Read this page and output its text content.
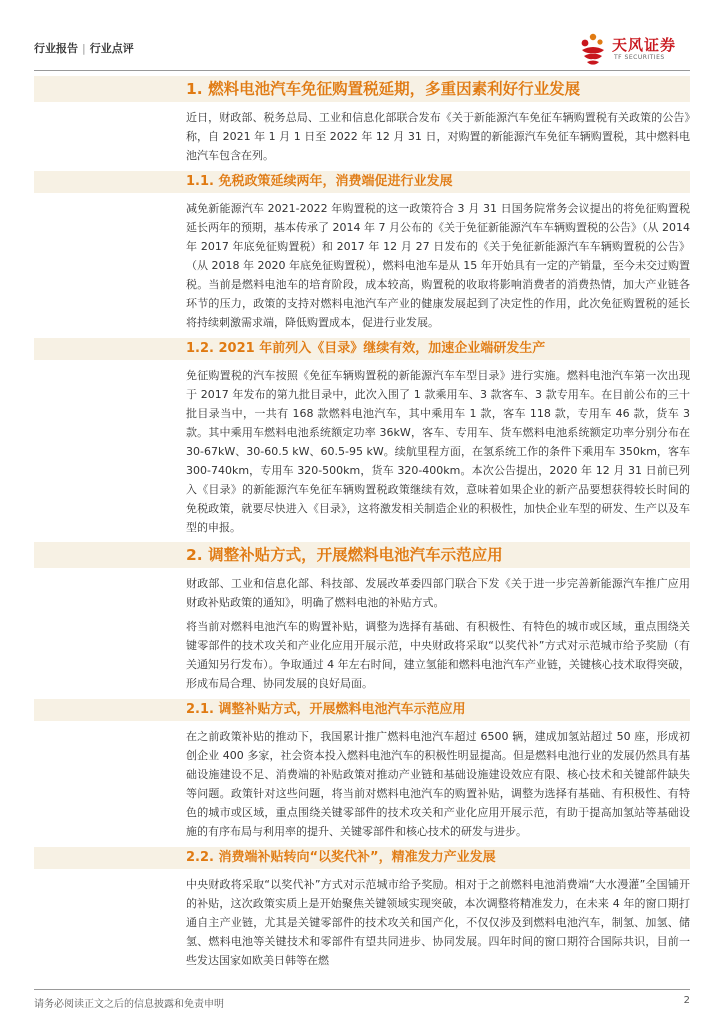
行业报告 | 行业点评	天风证券
TF SECURITIES
1. 燃料电池汽车免征购置税延期，多重因素利好行业发展

近日，财政部、税务总局、工业和信息化部联合发布《关于新能源汽车免征车辆购置税有关政策的公告》称，自 2021 年 1 月 1 日至 2022 年 12 月 31 日，对购置的新能源汽车免征车辆购置税，其中燃料电池汽车包含在列。

1.1. 免税政策延续两年，消费端促进行业发展

减免新能源汽车 2021-2022 年购置税的这一政策符合 3 月 31 日国务院常务会议提出的将免征购置税延长两年的预期，基本传承了 2014 年 7 月公布的《关于免征新能源汽车车辆购置税的公告》（从 2014 年 2017 年底免征购置税）和 2017 年 12 月 27 日发布的《关于免征新能源汽车车辆购置税的公告》（从 2018 年 2020 年底免征购置税），燃料电池车是从 15 年开始具有一定的产销量，至今未交过购置税。当前是燃料电池车的培育阶段，成本较高，购置税的收取将影响消费者的消费热情，加大产业链各环节的压力，政策的支持对燃料电池汽车产业的健康发展起到了决定性的作用，此次免征购置税的延长将持续刺激需求端，降低购置成本，促进行业发展。

1.2. 2021 年前列入《目录》继续有效，加速企业端研发生产

免征购置税的汽车按照《免征车辆购置税的新能源汽车车型目录》进行实施。燃料电池汽车第一次出现于 2017 年发布的第九批目录中，此次入围了 1 款乘用车、3 款客车、3 款专用车。在目前公布的三十批目录当中，一共有 168 款燃料电池汽车，其中乘用车 1 款，客车 118 款，专用车 46 款，货车 3 款。其中乘用车燃料电池系统额定功率 36kW，客车、专用车、货车燃料电池系统额定功率分别分布在 30-67kW、30-60.5 kW、60.5-95 kW。续航里程方面，在氢系统工作的条件下乘用车 350km，客车 300-740km，专用车 320-500km，货车 320-400km。本次公告提出，2020 年 12 月 31 日前已列入《目录》的新能源汽车免征车辆购置税政策继续有效，意味着如果企业的新产品要想获得较长时间的免税政策，就要尽快进入《目录》，这将激发相关制造企业的积极性，加快企业车型的研发、生产以及车型的申报。

2. 调整补贴方式，开展燃料电池汽车示范应用

财政部、工业和信息化部、科技部、发展改革委四部门联合下发《关于进一步完善新能源汽车推广应用财政补贴政策的通知》，明确了燃料电池的补贴方式。

将当前对燃料电池汽车的购置补贴，调整为选择有基础、有积极性、有特色的城市或区域，重点围绕关键零部件的技术攻关和产业化应用开展示范，中央财政将采取“以奖代补”方式对示范城市给予奖励（有关通知另行发布）。争取通过 4 年左右时间，建立氢能和燃料电池汽车产业链，关键核心技术取得突破，形成布局合理、协同发展的良好局面。

2.1. 调整补贴方式，开展燃料电池汽车示范应用

在之前政策补贴的推动下，我国累计推广燃料电池汽车超过 6500 辆，建成加氢站超过 50 座，形成初创企业 400 多家，社会资本投入燃料电池汽车的积极性明显提高。但是燃料电池行业的发展仍然具有基础设施建设不足、消费端的补贴政策对推动产业链和基础设施建设效应有限、核心技术和关键部件缺失等问题。政策针对这些问题，将当前对燃料电池汽车的购置补贴，调整为选择有基础、有积极性、有特色的城市或区域，重点围绕关键零部件的技术攻关和产业化应用开展示范，有助于提高加氢站等基础设施的有序布局与利用率的提升、关键零部件和核心技术的研发与进步。

2.2. 消费端补贴转向“以奖代补”，精准发力产业发展

中央财政将采取“以奖代补”方式对示范城市给予奖励。相对于之前燃料电池消费端“大水漫灌”全国铺开的补贴，这次政策实质上是开始聚焦关键领域实现突破，本次调整将精准发力，在未来 4 年的窗口期打通自主产业链，尤其是关键零部件的技术攻关和国产化，不仅仅涉及到燃料电池汽车，制氢、加氢、储氢、燃料电池等关键技术和零部件有望共同进步、协同发展。四年时间的窗口期符合国际共识，目前一些发达国家如欧美日韩等在燃

请务必阅读正文之后的信息披露和免责申明	2
